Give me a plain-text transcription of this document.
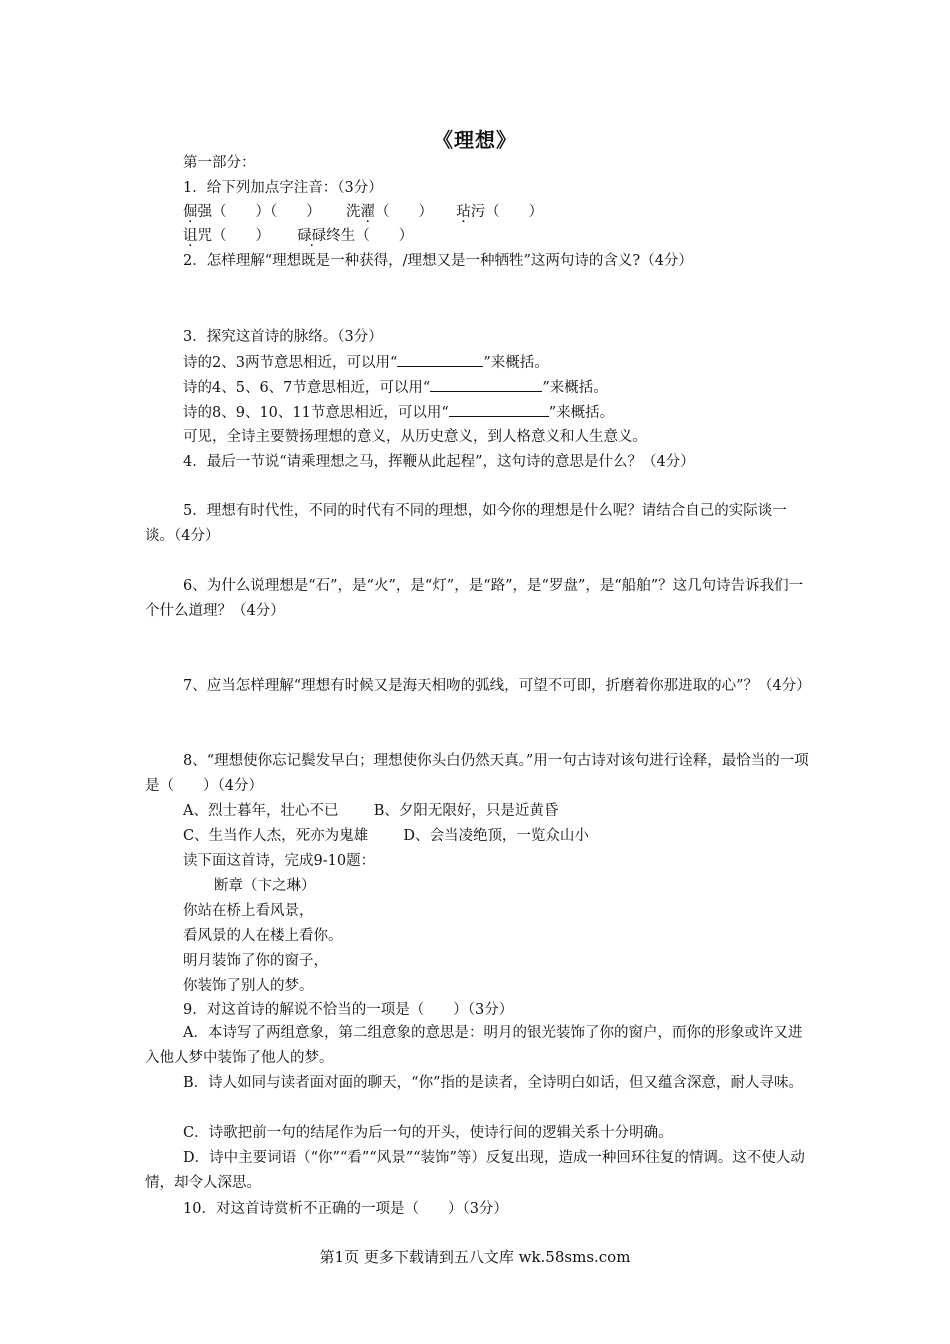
《理想》
第一部分：
1．给下列加点字注音：（3分）
倔强（　　）（　　） 洗濯（　　） 玷污（　　）
诅咒（　　） 碌碌终生（　　）
2．怎样理解“理想既是一种获得，/理想又是一种牺牲”这两句诗的含义?（4分）
3．探究这首诗的脉络。（3分）
诗的2、3两节意思相近，可以用“	”来概括。
诗的4、5、6、7节意思相近，可以用“	”来概括。
诗的8、9、10、11节意思相近，可以用“	”来概括。
可见，全诗主要赞扬理想的意义，从历史意义，到人格意义和人生意义。
4．最后一节说“请乘理想之马，挥鞭从此起程”，这句诗的意思是什么？（4分）
5．理想有时代性，不同的时代有不同的理想，如今你的理想是什么呢？请结合自己的实际谈一谈。（4分）
6、为什么说理想是“石”，是“火”，是“灯”，是“路”，是“罗盘”，是“船舶”？这几句诗告诉我们一个什么道理？（4分）
7、应当怎样理解“理想有时候又是海天相吻的弧线，可望不可即，折磨着你那进取的心”？（4分）
8、“理想使你忘记鬓发早白；理想使你头白仍然天真。”用一句古诗对该句进行诠释，最恰当的一项是（　　）（4分）
A、烈士暮年，壮心不已 B、夕阳无限好，只是近黄昏
C、生当作人杰，死亦为鬼雄 D、会当凌绝顶，一览众山小
读下面这首诗，完成9-10题：
断章（卞之琳）
你站在桥上看风景，
看风景的人在楼上看你。
明月装饰了你的窗子，
你装饰了别人的梦。
9．对这首诗的解说不恰当的一项是（　　）（3分）
A．本诗写了两组意象，第二组意象的意思是：明月的银光装饰了你的窗户，而你的形象或许又进入他人梦中装饰了他人的梦。
B．诗人如同与读者面对面的聊天，“你”指的是读者，全诗明白如话，但又蕴含深意，耐人寻味。
C．诗歌把前一句的结尾作为后一句的开头，使诗行间的逻辑关系十分明确。
D．诗中主要词语（“你”“看”“风景”“装饰”等）反复出现，造成一种回环往复的情调。这不使人动情，却令人深思。
10．对这首诗赏析不正确的一项是（　　）（3分）
第1页 更多下载请到五八文库 wk.58sms.com
